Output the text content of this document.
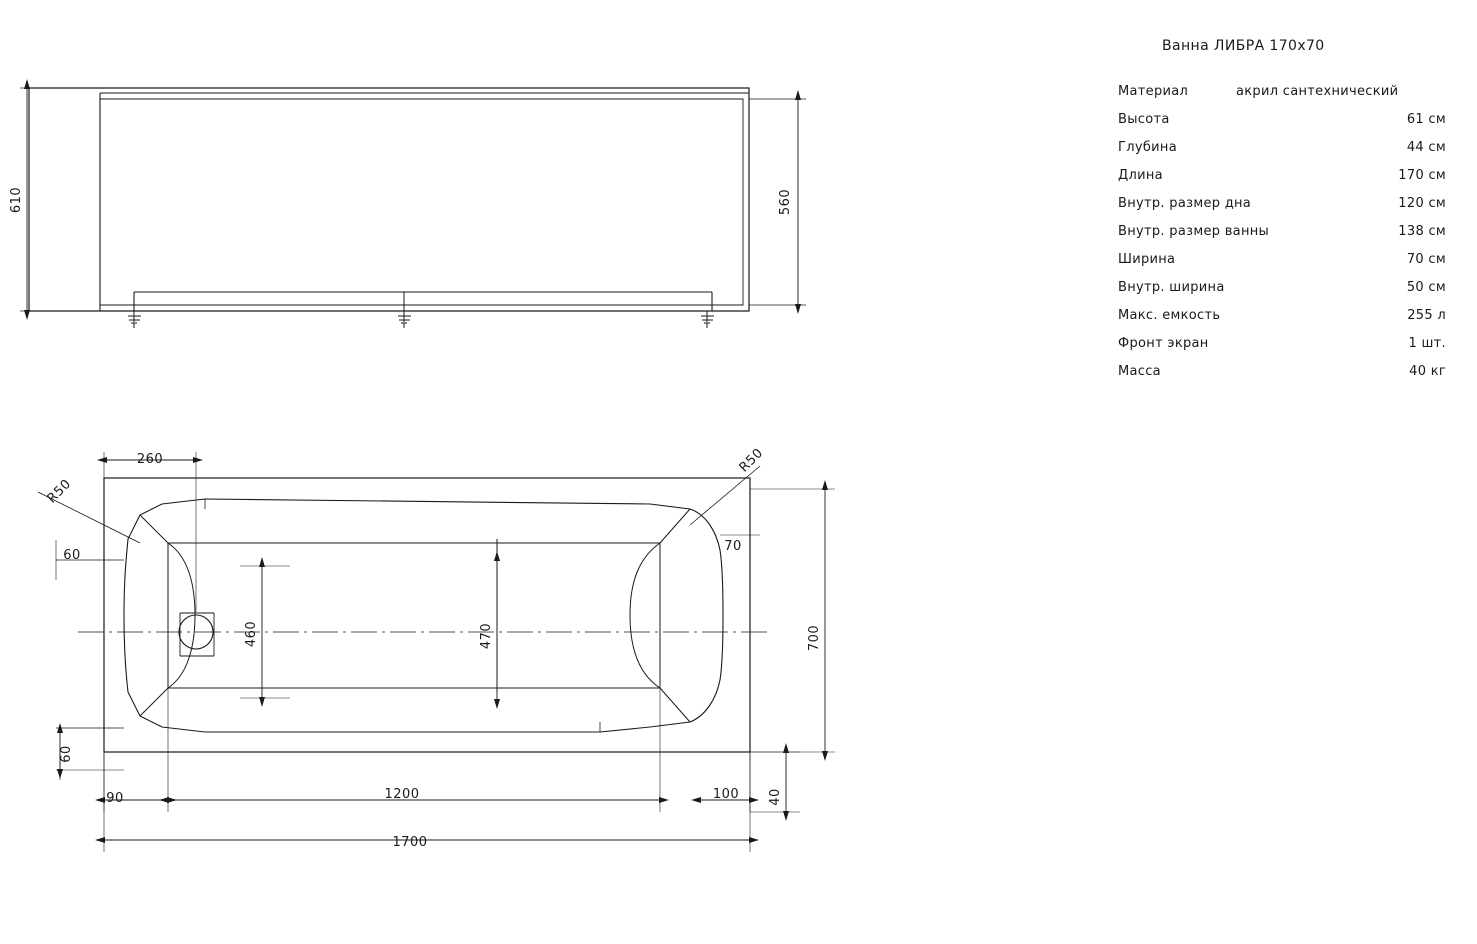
Ванна ЛИБРА 170x70
Материал	акрил сантехнический
Высота	61 см
Глубина	44 см
Длина	170 см
Внутр. размер дна	120 см
Внутр. размер ванны	138 см
Ширина	70 см
Внутр. ширина	50 см
Макс. емкость	255 л
Фронт экран	1 шт.
Масса	40 кг
610	560
260
R50
R50
60
60
70
700
460	470
90	1200	100 40
1700
